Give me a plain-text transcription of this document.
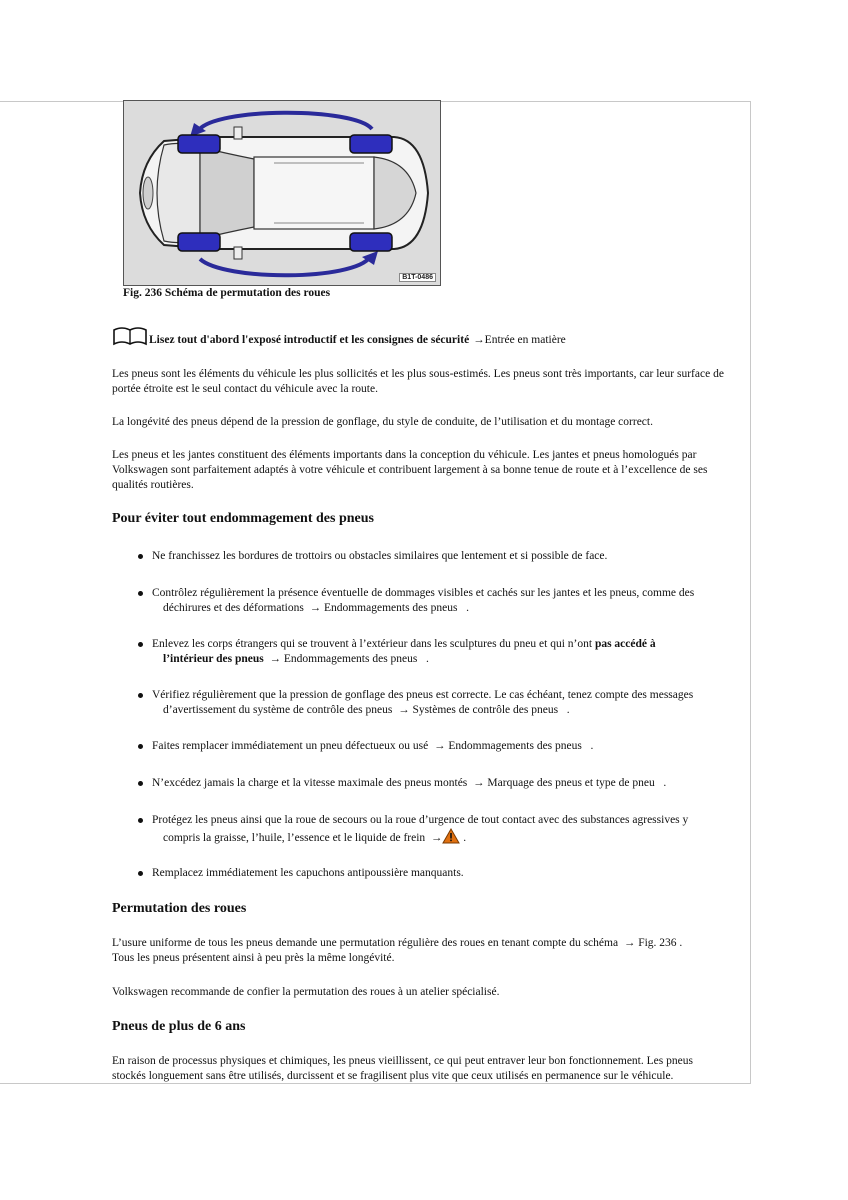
B1T-0486
Fig. 236 Schéma de permutation des roues
Lisez tout d'abord l'exposé introductif et les consignes de sécurité →Entrée en matière
Les pneus sont les éléments du véhicule les plus sollicités et les plus sous-estimés. Les pneus sont très importants, car leur surface de portée étroite est le seul contact du véhicule avec la route.
La longévité des pneus dépend de la pression de gonflage, du style de conduite, de l’utilisation et du montage correct.
Les pneus et les jantes constituent des éléments importants dans la conception du véhicule. Les jantes et pneus homologués par Volkswagen sont parfaitement adaptés à votre véhicule et contribuent largement à sa bonne tenue de route et à l’excellence de ses qualités routières.
Pour éviter tout endommagement des pneus
Ne franchissez les bordures de trottoirs ou obstacles similaires que lentement et si possible de face.
Contrôlez régulièrement la présence éventuelle de dommages visibles et cachés sur les jantes et les pneus, comme des
déchirures et des déformations → Endommagements des pneus .
Enlevez les corps étrangers qui se trouvent à l’extérieur dans les sculptures du pneu et qui n’ont pas accédé à
l’intérieur des pneus → Endommagements des pneus .
Vérifiez régulièrement que la pression de gonflage des pneus est correcte. Le cas échéant, tenez compte des messages
d’avertissement du système de contrôle des pneus → Systèmes de contrôle des pneus .
Faites remplacer immédiatement un pneu défectueux ou usé → Endommagements des pneus .
N’excédez jamais la charge et la vitesse maximale des pneus montés → Marquage des pneus et type de pneu .
Protégez les pneus ainsi que la roue de secours ou la roue d’urgence de tout contact avec des substances agressives y
compris la graisse, l’huile, l’essence et le liquide de frein → .
Remplacez immédiatement les capuchons antipoussière manquants.
Permutation des roues
L’usure uniforme de tous les pneus demande une permutation régulière des roues en tenant compte du schéma → Fig. 236 .
Tous les pneus présentent ainsi à peu près la même longévité.
Volkswagen recommande de confier la permutation des roues à un atelier spécialisé.
Pneus de plus de 6 ans
En raison de processus physiques et chimiques, les pneus vieillissent, ce qui peut entraver leur bon fonctionnement. Les pneus
stockés longuement sans être utilisés, durcissent et se fragilisent plus vite que ceux utilisés en permanence sur le véhicule.
